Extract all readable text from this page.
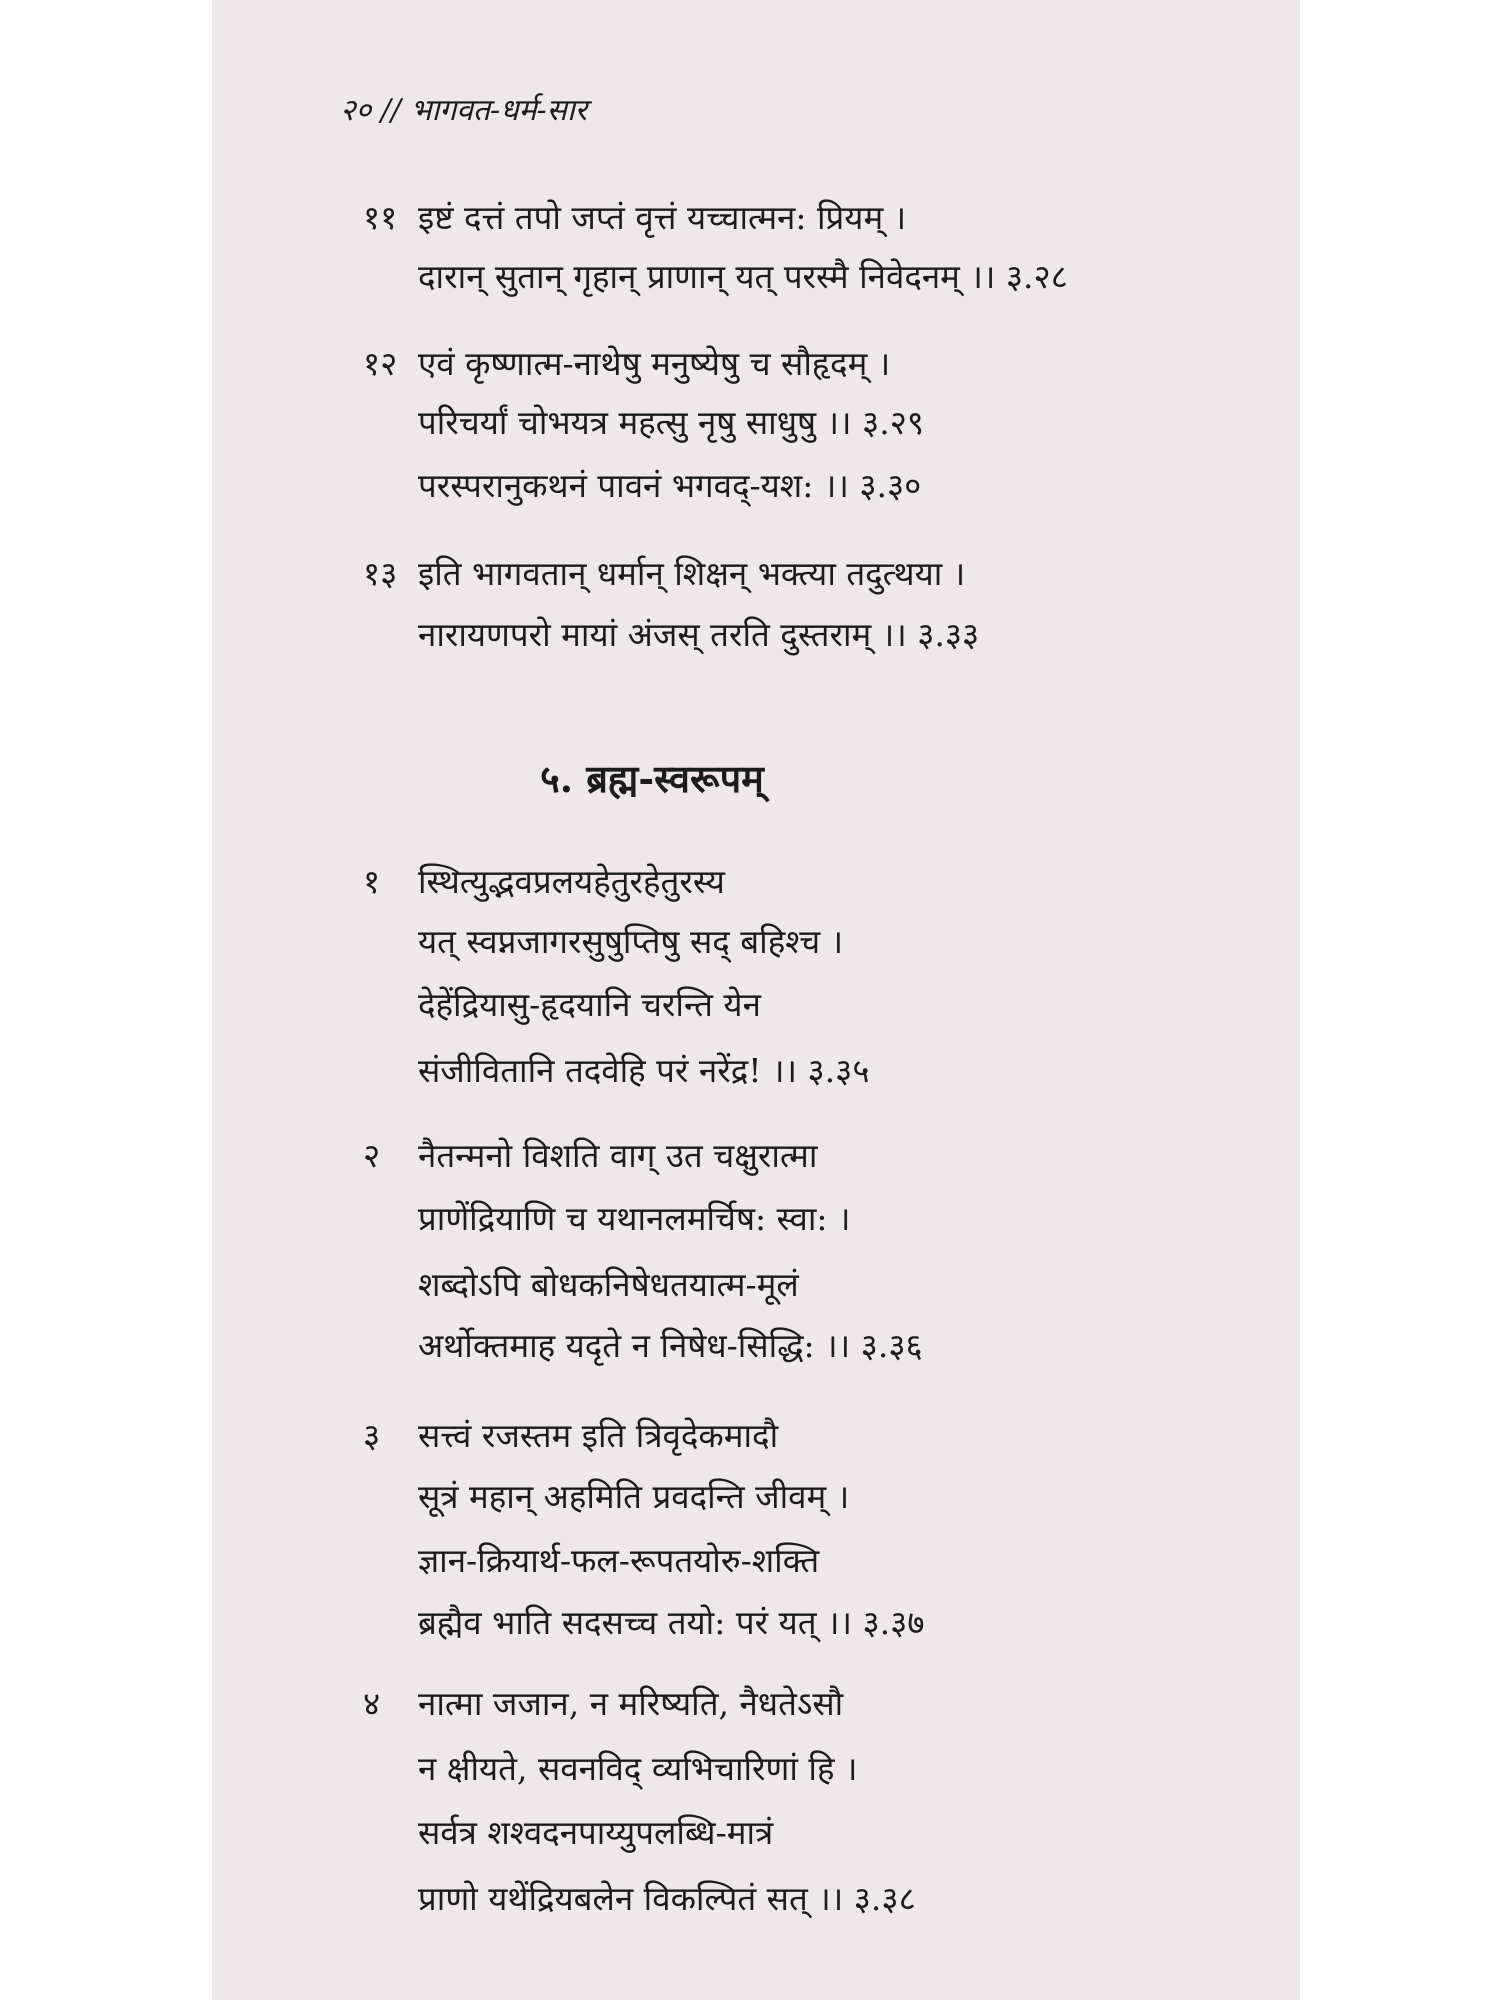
२० // भागवत-धर्म-सार
११ इष्टं दत्तं तपो जप्तं वृत्तं यच्चात्मन: प्रियम् ।
दारान् सुतान् गृहान् प्राणान् यत् परस्मै निवेदनम् ।। ३.२८
१२ एवं कृष्णात्म-नाथेषु मनुष्येषु च सौहृदम् ।
परिचर्यां चोभयत्र महत्सु नृषु साधुषु ।। ३.२९
परस्परानुकथनं पावनं भगवद्-यश: ।। ३.३०
१३ इति भागवतान् धर्मान् शिक्षन् भक्त्या तदुत्थया ।
नारायणपरो मायां अंजस् तरति दुस्तराम् ।। ३.३३
५. ब्रह्म-स्वरूपम्
१ स्थित्युद्भवप्रलयहेतुरहेतुरस्य
यत् स्वप्नजागरसुषुप्तिषु सद् बहिश्च ।
देहेंद्रियासु-हृदयानि चरन्ति येन
संजीवितानि तदवेहि परं नरेंद्र! ।। ३.३५
२ नैतन्मनो विशति वाग् उत चक्षुरात्मा
प्राणेंद्रियाणि च यथानलमर्चिष: स्वा: ।
शब्दोऽपि बोधकनिषेधतयात्म-मूलं
अर्थोक्तमाह यदृते न निषेध-सिद्धि: ।। ३.३६
३ सत्त्वं रजस्तम इति त्रिवृदेकमादौ
सूत्रं महान् अहमिति प्रवदन्ति जीवम् ।
ज्ञान-क्रियार्थ-फल-रूपतयोरु-शक्ति
ब्रह्मैव भाति सदसच्च तयो: परं यत् ।। ३.३७
४ नात्मा जजान, न मरिष्यति, नैधतेऽसौ
न क्षीयते, सवनविद् व्यभिचारिणां हि ।
सर्वत्र शश्वदनपाय्युपलब्धि-मात्रं
प्राणो यथेंद्रियबलेन विकल्पितं सत् ।। ३.३८
